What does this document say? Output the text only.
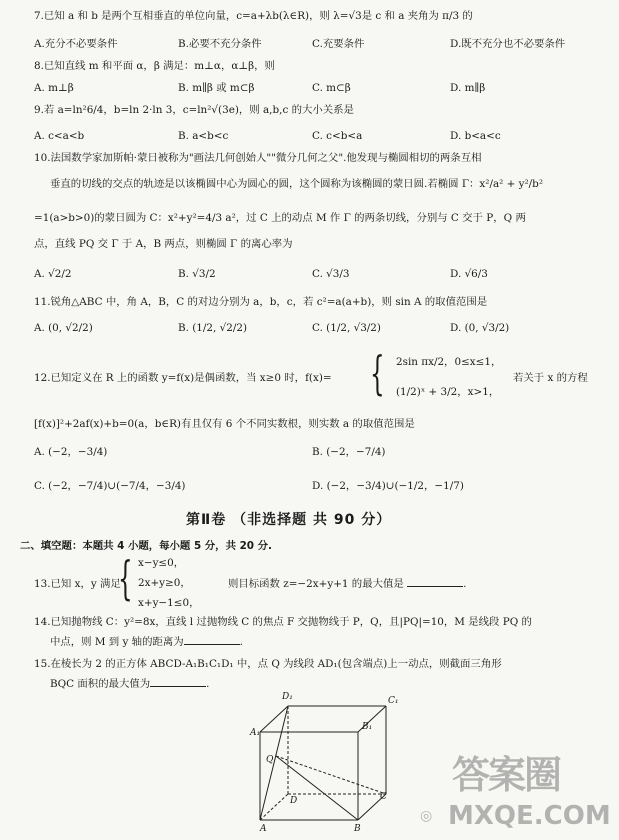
7.已知 a 和 b 是两个互相垂直的单位向量，c=a+λb(λ∈R)，则 λ=√3是 c 和 a 夹角为 π/3 的
A.充分不必要条件	B.必要不充分条件	C.充要条件	D.既不充分也不必要条件
8.已知直线 m 和平面 α，β 满足：m⊥α，α⊥β，则
A. m⊥β	B. m∥β 或 m⊂β	C. m⊂β	D. m∥β
9.若 a=ln²6/4，b=ln 2·ln 3，c=ln²√(3e)，则 a,b,c 的大小关系是
A. c<a<b	B. a<b<c	C. c<b<a	D. b<a<c
10.法国数学家加斯帕·蒙日被称为"画法几何创始人""微分几何之父".他发现与椭圆相切的两条互相
垂直的切线的交点的轨迹是以该椭圆中心为圆心的圆，这个圆称为该椭圆的蒙日圆.若椭圆 Γ：x²/a² + y²/b²
=1(a>b>0)的蒙日圆为 C：x²+y²=4/3 a²，过 C 上的动点 M 作 Γ 的两条切线，分别与 C 交于 P，Q 两
点，直线 PQ 交 Γ 于 A，B 两点，则椭圆 Γ 的离心率为
A. √2/2	B. √3/2	C. √3/3	D. √6/3
11.锐角△ABC 中，角 A，B，C 的对边分别为 a，b，c，若 c²=a(a+b)，则 sin A 的取值范围是
A. (0, √2/2)	B. (1/2, √2/2)	C. (1/2, √3/2)	D. (0, √3/2)
12.已知定义在 R 上的函数 y=f(x)是偶函数，当 x≥0 时，f(x)= { 2sin πx/2，0≤x≤1，
(1/2)ˣ + 3/2，x>1，
若关于 x 的方程
[f(x)]²+2af(x)+b=0(a，b∈R)有且仅有 6 个不同实数根，则实数 a 的取值范围是
A. (−2，−3/4)	B. (−2，−7/4)
C. (−2，−7/4)∪(−7/4，−3/4)	D. (−2，−3/4)∪(−1/2，−1/7)
第Ⅱ卷 （非选择题 共 90 分）
二、填空题：本题共 4 小题，每小题 5 分，共 20 分.
13.已知 x，y 满足
{ x−y≤0，
2x+y≥0，
x+y−1≤0，
则目标函数 z=−2x+y+1 的最大值是	.
14.已知抛物线 C：y²=8x，直线 l 过抛物线 C 的焦点 F 交抛物线于 P，Q，且|PQ|=10，M 是线段 PQ 的
中点，则 M 到 y 轴的距离为	.
15.在棱长为 2 的正方体 ABCD-A₁B₁C₁D₁ 中，点 Q 为线段 AD₁(包含端点)上一动点，则截面三角形
BQC 面积的最大值为	.
D₁	C₁
A₁
B₁
Q
D	C
A	B
答案圈
MXQE.COM
◎
